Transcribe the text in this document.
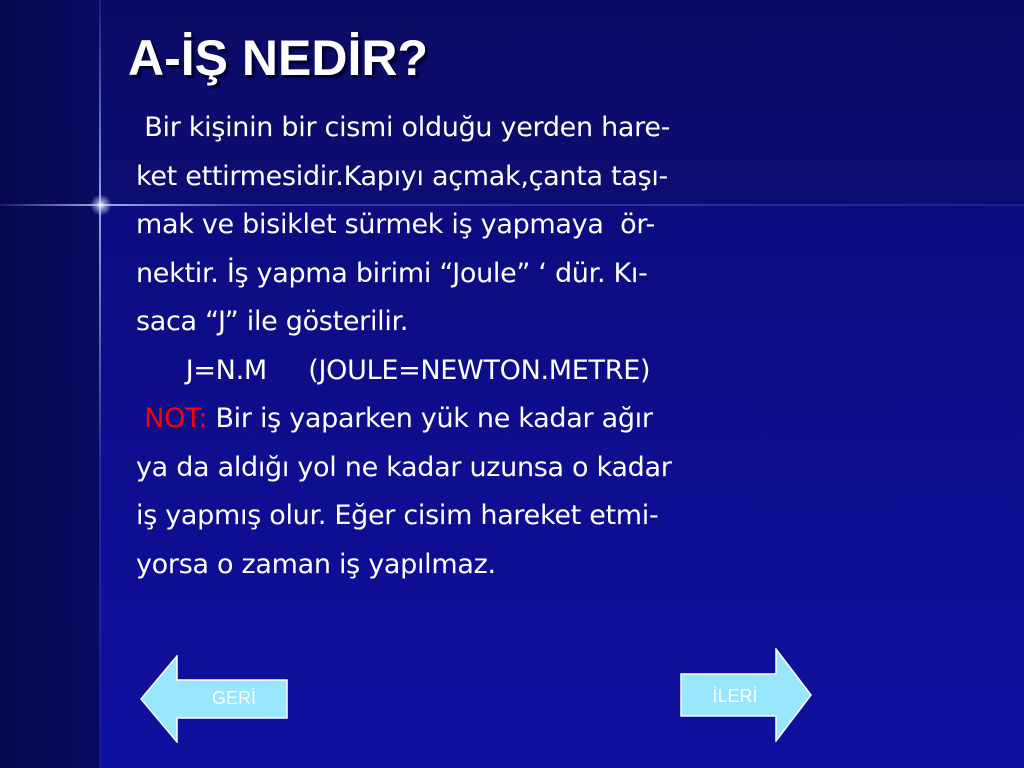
A-İŞ NEDİR?
Bir kişinin bir cismi olduğu yerden hare-
ket ettirmesidir.Kapıyı açmak,çanta taşı-
mak ve bisiklet sürmek iş yapmaya  ör-
nektir. İş yapma birimi “Joule” ‘ dür. Kı-
saca “J” ile gösterilir.
J=N.M     (JOULE=NEWTON.METRE)
NOT: Bir iş yaparken yük ne kadar ağır
ya da aldığı yol ne kadar uzunsa o kadar
iş yapmış olur. Eğer cisim hareket etmi-
yorsa o zaman iş yapılmaz.
GERİ	İLERİ
